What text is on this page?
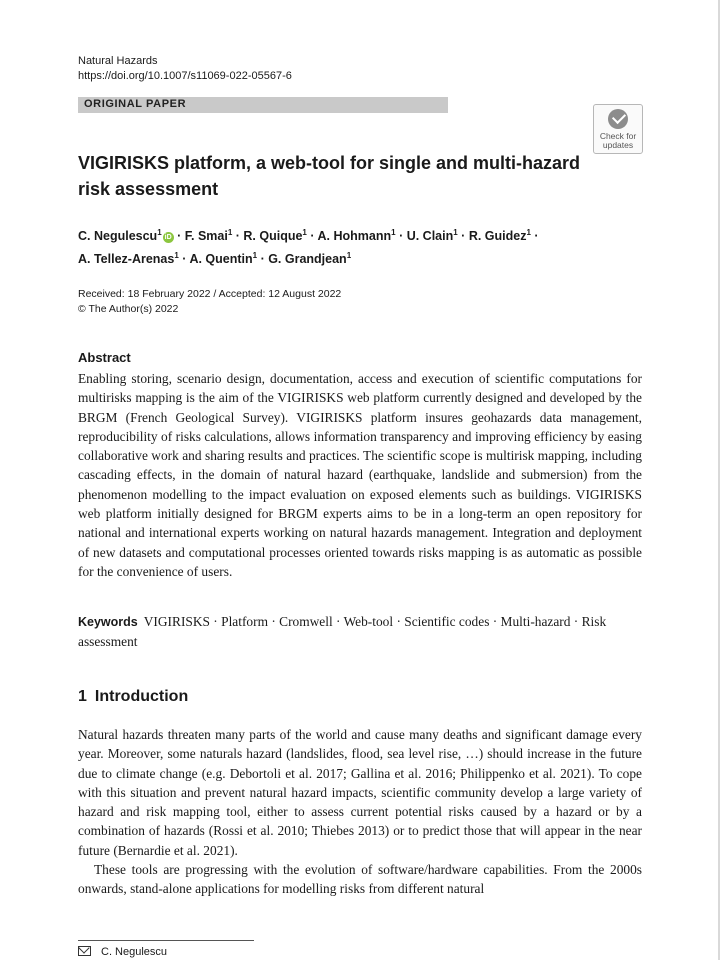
Natural Hazards
https://doi.org/10.1007/s11069-022-05567-6
ORIGINAL PAPER
Check for updates
VIGIRISKS platform, a web-tool for single and multi-hazard risk assessment
C. Negulescu$^1$iD · F. Smai$^1$ · R. Quique$^1$ · A. Hohmann$^1$ · U. Clain$^1$ · R. Guidez$^1$ ·
A. Tellez-Arenas$^1$ · A. Quentin$^1$ · G. Grandjean$^1$
Received: 18 February 2022 / Accepted: 12 August 2022
© The Author(s) 2022
Abstract
Enabling storing, scenario design, documentation, access and execution of scientific computations for multirisks mapping is the aim of the VIGIRISKS web platform currently designed and developed by the BRGM (French Geological Survey). VIGIRISKS platform insures geohazards data management, reproducibility of risks calculations, allows information transparency and improving efficiency by easing collaborative work and sharing results and practices. The scientific scope is multirisk mapping, including cascading effects, in the domain of natural hazard (earthquake, landslide and submersion) from the phenomenon modelling to the impact evaluation on exposed elements such as buildings. VIGIRISKS web platform initially designed for BRGM experts aims to be in a long-term an open repository for national and international experts working on natural hazards management. Integration and deployment of new datasets and computational processes oriented towards risks mapping is as automatic as possible for the convenience of users.
Keywords VIGIRISKS · Platform · Cromwell · Web-tool · Scientific codes · Multi-hazard · Risk assessment
1 Introduction

Natural hazards threaten many parts of the world and cause many deaths and significant damage every year. Moreover, some naturals hazard (landslides, flood, sea level rise, …) should increase in the future due to climate change (e.g. Debortoli et al. 2017; Gallina et al. 2016; Philippenko et al. 2021). To cope with this situation and prevent natural hazard impacts, scientific community develop a large variety of hazard and risk mapping tool, either to assess current potential risks caused by a hazard or by a combination of hazards (Rossi et al. 2010; Thiebes 2013) or to predict those that will appear in the near future (Bernardie et al. 2021).

These tools are progressing with the evolution of software/hardware capabilities. From the 2000s onwards, stand-alone applications for modelling risks from different natural

C. Negulescu
